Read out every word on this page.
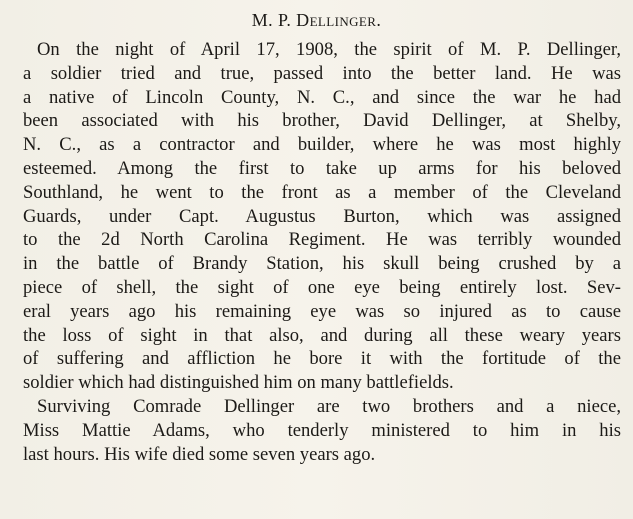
M. P. Dellinger.
On the night of April 17, 1908, the spirit of M. P. Dellinger,
a soldier tried and true, passed into the better land. He was
a native of Lincoln County, N. C., and since the war he had
been associated with his brother, David Dellinger, at Shelby,
N. C., as a contractor and builder, where he was most highly
esteemed. Among the first to take up arms for his beloved
Southland, he went to the front as a member of the Cleveland
Guards, under Capt. Augustus Burton, which was assigned
to the 2d North Carolina Regiment. He was terribly wounded
in the battle of Brandy Station, his skull being crushed by a
piece of shell, the sight of one eye being entirely lost. Sev-
eral years ago his remaining eye was so injured as to cause
the loss of sight in that also, and during all these weary years
of suffering and affliction he bore it with the fortitude of the
soldier which had distinguished him on many battlefields.
Surviving Comrade Dellinger are two brothers and a niece,
Miss Mattie Adams, who tenderly ministered to him in his
last hours. His wife died some seven years ago.
